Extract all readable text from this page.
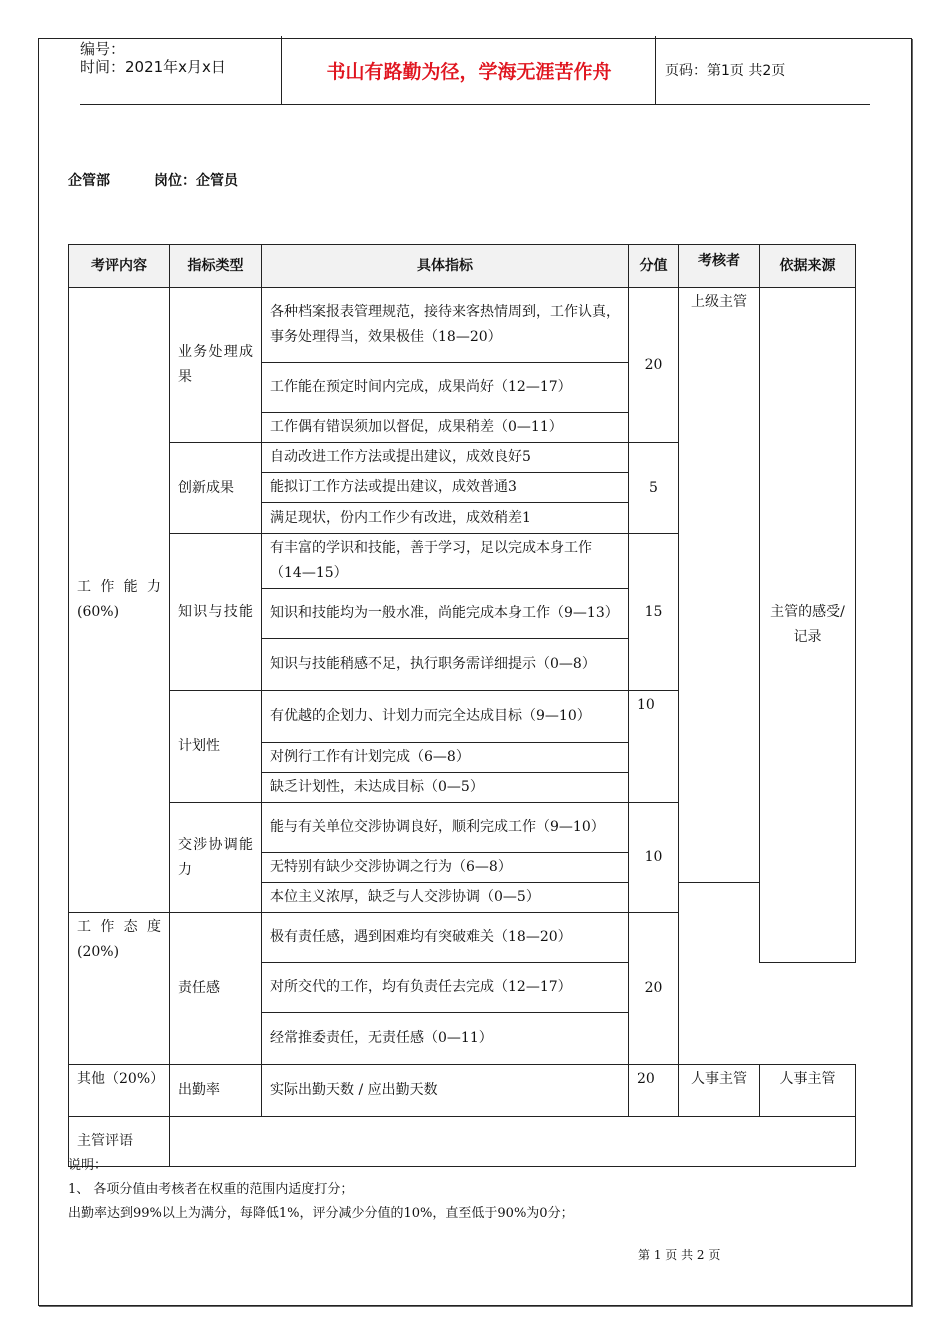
编号：
时间：2021年x月x日	书山有路勤为径，学海无涯苦作舟	页码：第1页 共2页
企管部	岗位：企管员
考评内容	指标类型	具体指标	分值	考核者	依据来源

工作能力(60%)	业务处理成果	各种档案报表管理规范，接待来客热情周到，工作认真，事务处理得当，效果极佳（18—20）	20	上级主管	主管的感受/记录
		工作能在预定时间内完成，成果尚好（12—17）			
		工作偶有错误须加以督促，成果稍差（0—11）			
	创新成果	自动改进工作方法或提出建议，成效良好5	5		
		能拟订工作方法或提出建议，成效普通3			
		满足现状，份内工作少有改进，成效稍差1			

	知识与技能	有丰富的学识和技能，善于学习，足以完成本身工作（14—15）	15		
		知识和技能均为一般水准，尚能完成本身工作（9—13）			
		知识与技能稍感不足，执行职务需详细提示（0—8）			
	计划性	有优越的企划力、计划力而完全达成目标（9—10）	10		
		对例行工作有计划完成（6—8）			
		缺乏计划性，未达成目标（0—5）			

	交涉协调能力	能与有关单位交涉协调良好，顺利完成工作（9—10）	10		
		无特别有缺少交涉协调之行为（6—8）			
		本位主义浓厚，缺乏与人交涉协调（0—5）			

工作态度(20%)	责任感	极有责任感，遇到困难均有突破难关（18—20）	20		
		对所交代的工作，均有负责任去完成（12—17）			
		经常推委责任，无责任感（0—11）			

其他（20%）	出勤率	实际出勤天数 / 应出勤天数	20	人事主管	人事主管
主管评语					
说明：
1、 各项分值由考核者在权重的范围内适度打分；
出勤率达到99%以上为满分，每降低1%，评分减少分值的10%，直至低于90%为0分；
第 1 页 共 2 页
